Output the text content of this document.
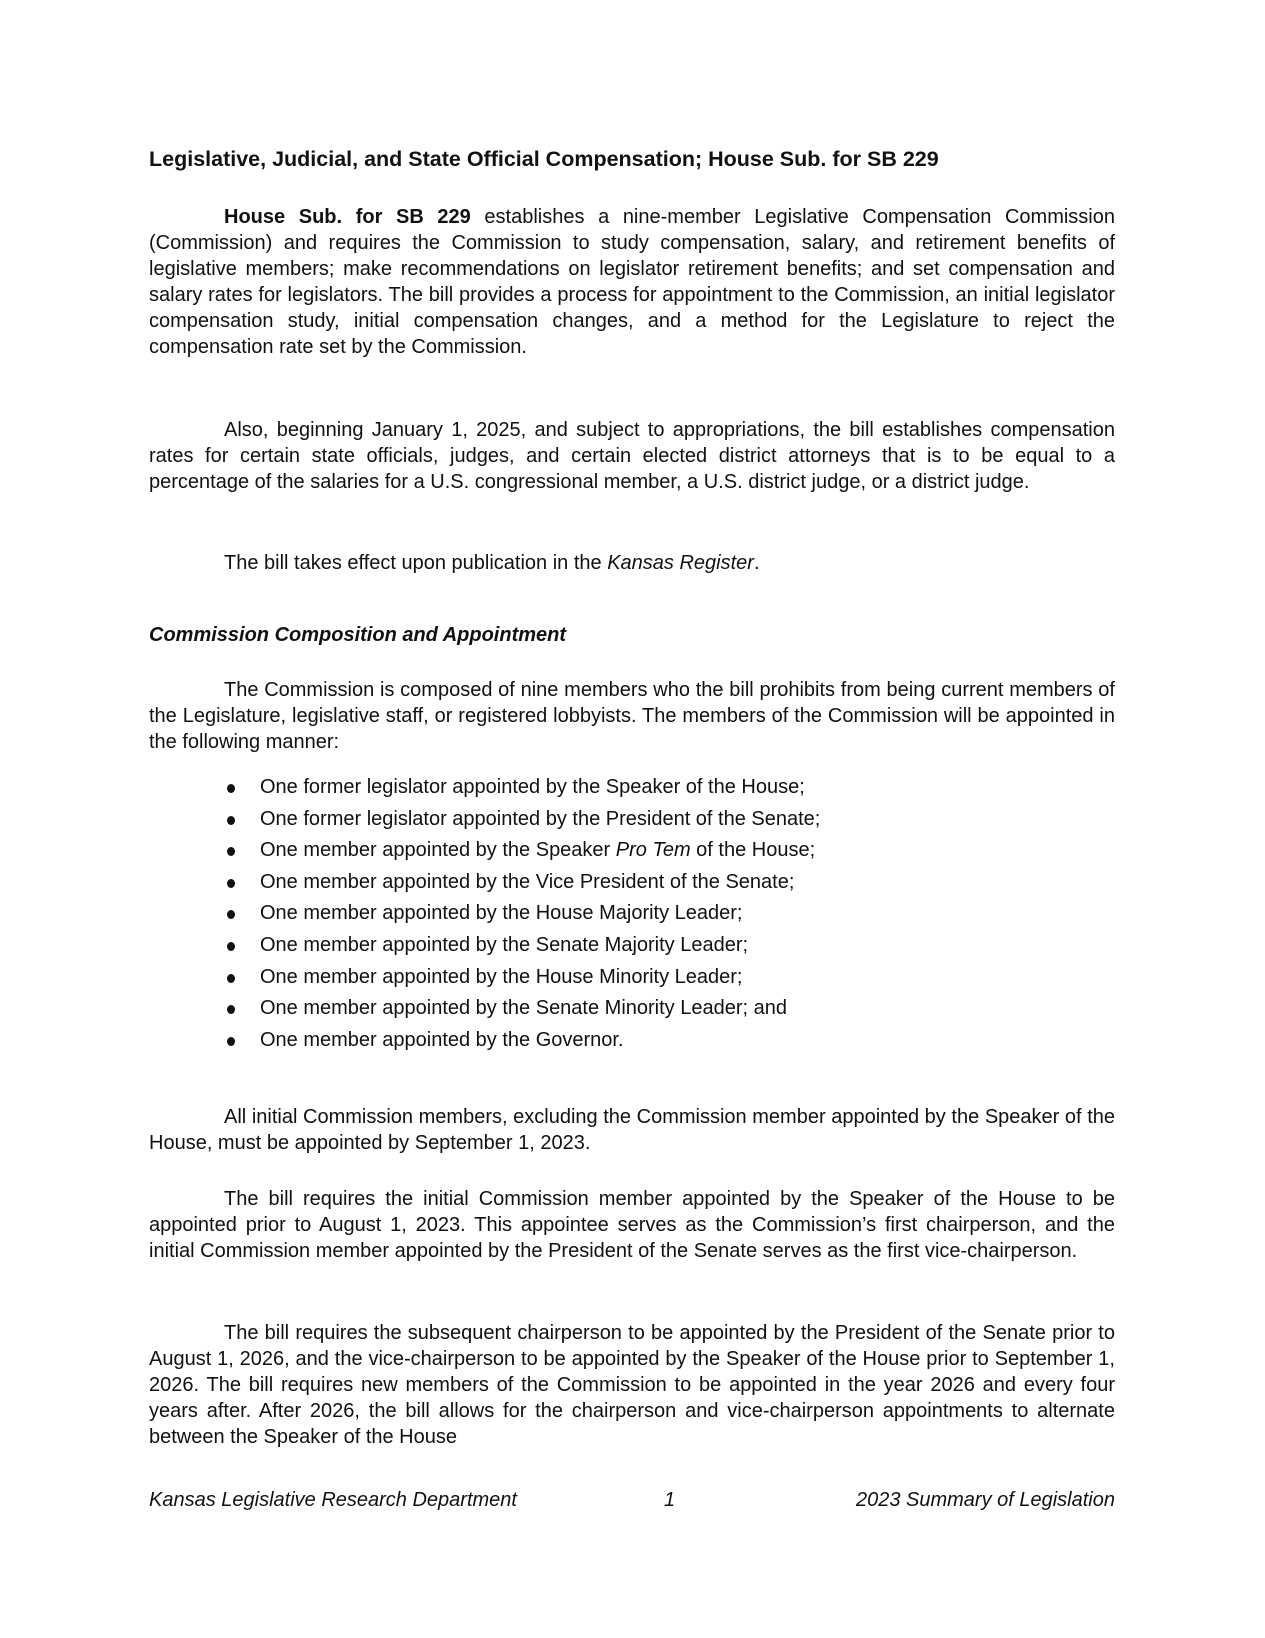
Legislative, Judicial, and State Official Compensation; House Sub. for SB 229

House Sub. for SB 229 establishes a nine-member Legislative Compensation Commission (Commission) and requires the Commission to study compensation, salary, and retirement benefits of legislative members; make recommendations on legislator retirement benefits; and set compensation and salary rates for legislators. The bill provides a process for appointment to the Commission, an initial legislator compensation study, initial compensation changes, and a method for the Legislature to reject the compensation rate set by the Commission.

Also, beginning January 1, 2025, and subject to appropriations, the bill establishes compensation rates for certain state officials, judges, and certain elected district attorneys that is to be equal to a percentage of the salaries for a U.S. congressional member, a U.S. district judge, or a district judge.

The bill takes effect upon publication in the Kansas Register.

Commission Composition and Appointment

The Commission is composed of nine members who the bill prohibits from being current members of the Legislature, legislative staff, or registered lobbyists. The members of the Commission will be appointed in the following manner:

One former legislator appointed by the Speaker of the House;
One former legislator appointed by the President of the Senate;
One member appointed by the Speaker Pro Tem of the House;
One member appointed by the Vice President of the Senate;
One member appointed by the House Majority Leader;
One member appointed by the Senate Majority Leader;
One member appointed by the House Minority Leader;
One member appointed by the Senate Minority Leader; and
One member appointed by the Governor.

All initial Commission members, excluding the Commission member appointed by the Speaker of the House, must be appointed by September 1, 2023.

The bill requires the initial Commission member appointed by the Speaker of the House to be appointed prior to August 1, 2023. This appointee serves as the Commission’s first chairperson, and the initial Commission member appointed by the President of the Senate serves as the first vice-chairperson.

The bill requires the subsequent chairperson to be appointed by the President of the Senate prior to August 1, 2026, and the vice-chairperson to be appointed by the Speaker of the House prior to September 1, 2026. The bill requires new members of the Commission to be appointed in the year 2026 and every four years after. After 2026, the bill allows for the chairperson and vice-chairperson appointments to alternate between the Speaker of the House

Kansas Legislative Research Department	1	2023 Summary of Legislation
